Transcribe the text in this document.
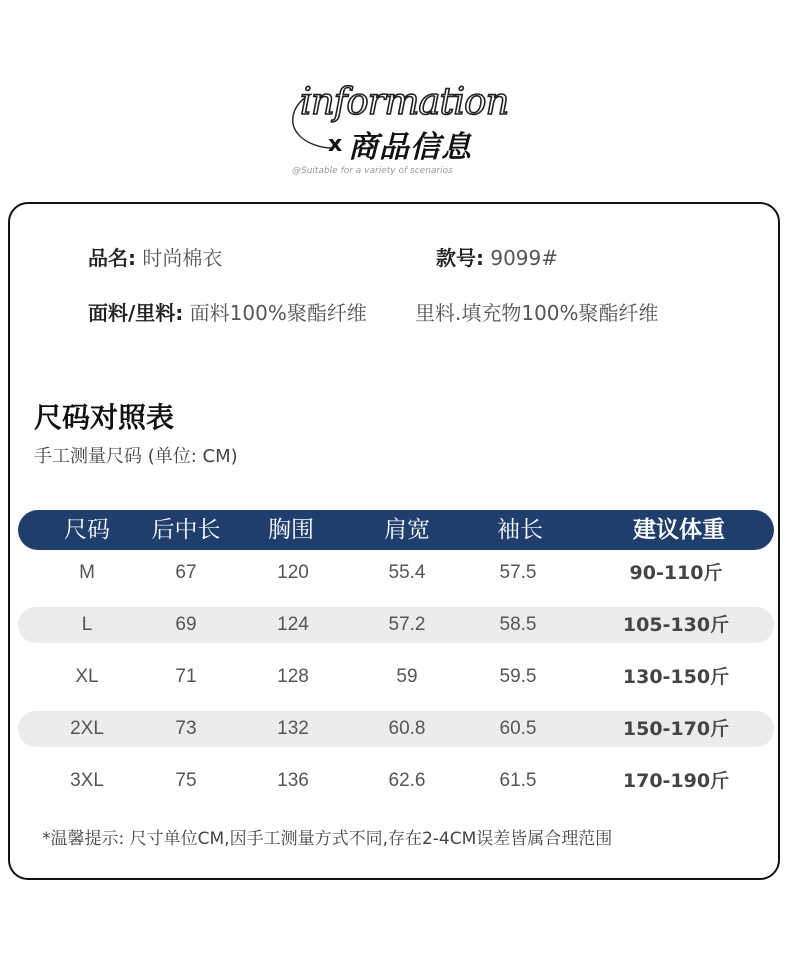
information
x 商品信息
@Suitable for a variety of scenarios
品名: 时尚棉衣	款号: 9099#
面料/里料: 面料100%聚酯纤维 里料.填充物100%聚酯纤维
尺码对照表
手工测量尺码 (单位: CM)
尺码 后中长 胸围	肩宽	袖长	建议体重
M	67	120	55.4	57.5	90-110斤
L	69	124	57.2	58.5	105-130斤
XL	71	128	59	59.5	130-150斤
2XL	73	132	60.8	60.5	150-170斤
3XL	75	136	62.6	61.5	170-190斤
*温馨提示: 尺寸单位CM,因手工测量方式不同,存在2-4CM误差皆属合理范围
